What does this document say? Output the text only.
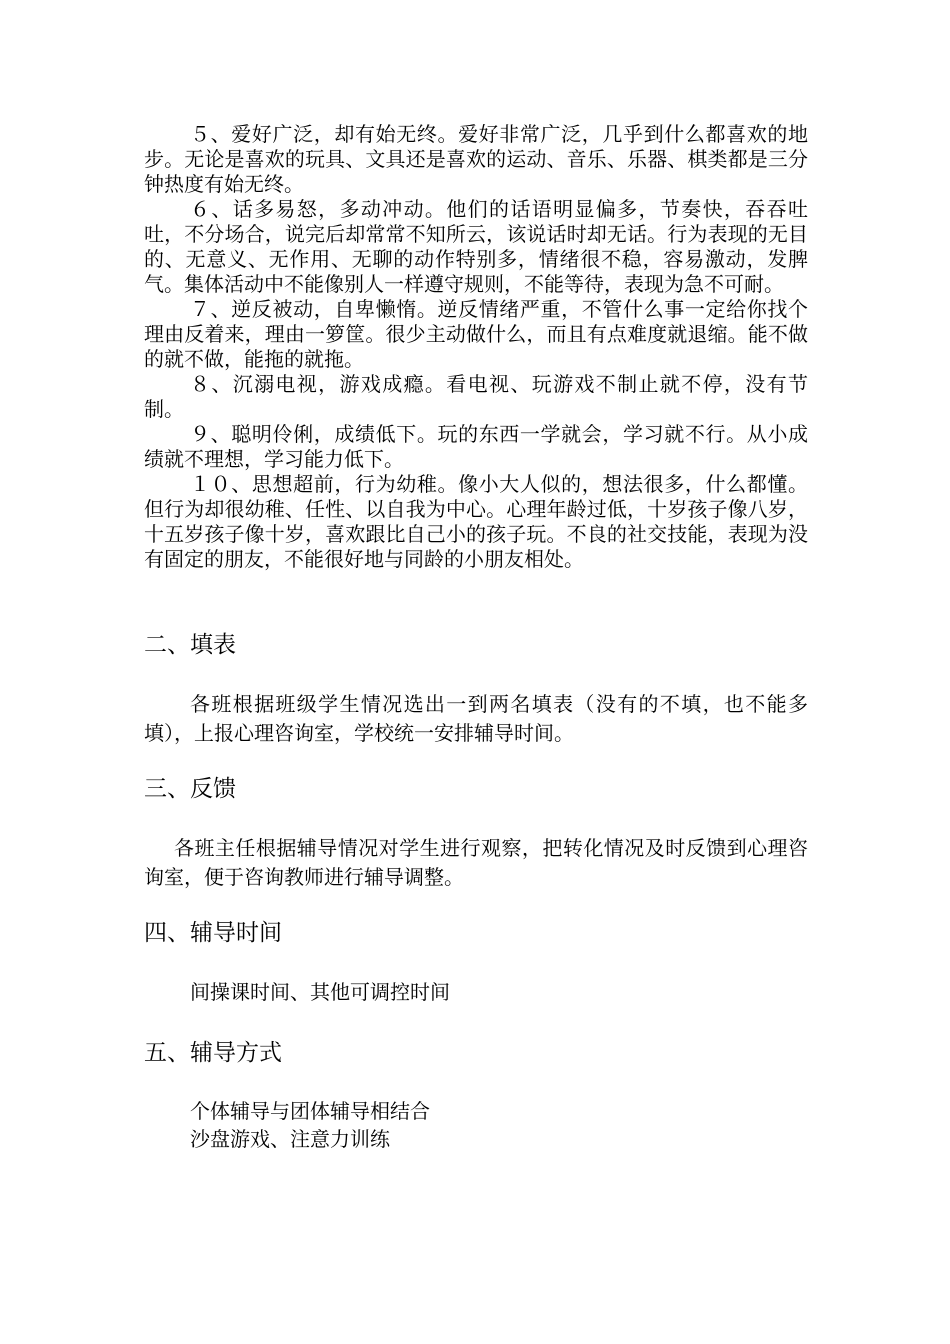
５、爱好广泛，却有始无终。爱好非常广泛，几乎到什么都喜欢的地步。无论是喜欢的玩具、文具还是喜欢的运动、音乐、乐器、棋类都是三分钟热度有始无终。

６、话多易怒，多动冲动。他们的话语明显偏多，节奏快，吞吞吐吐，不分场合，说完后却常常不知所云，该说话时却无话。行为表现的无目的、无意义、无作用、无聊的动作特别多，情绪很不稳，容易激动，发脾气。集体活动中不能像别人一样遵守规则，不能等待，表现为急不可耐。

７、逆反被动，自卑懒惰。逆反情绪严重，不管什么事一定给你找个理由反着来，理由一箩筐。很少主动做什么，而且有点难度就退缩。能不做的就不做，能拖的就拖。

８、沉溺电视，游戏成瘾。看电视、玩游戏不制止就不停，没有节制。

９、聪明伶俐，成绩低下。玩的东西一学就会，学习就不行。从小成绩就不理想，学习能力低下。

１０、思想超前，行为幼稚。像小大人似的，想法很多，什么都懂。但行为却很幼稚、任性、以自我为中心。心理年龄过低，十岁孩子像八岁，十五岁孩子像十岁，喜欢跟比自己小的孩子玩。不良的社交技能，表现为没有固定的朋友，不能很好地与同龄的小朋友相处。

二、填表

各班根据班级学生情况选出一到两名填表（没有的不填，也不能多填），上报心理咨询室，学校统一安排辅导时间。

三、反馈

各班主任根据辅导情况对学生进行观察，把转化情况及时反馈到心理咨询室，便于咨询教师进行辅导调整。

四、辅导时间

间操课时间、其他可调控时间

五、辅导方式

个体辅导与团体辅导相结合

沙盘游戏、注意力训练
